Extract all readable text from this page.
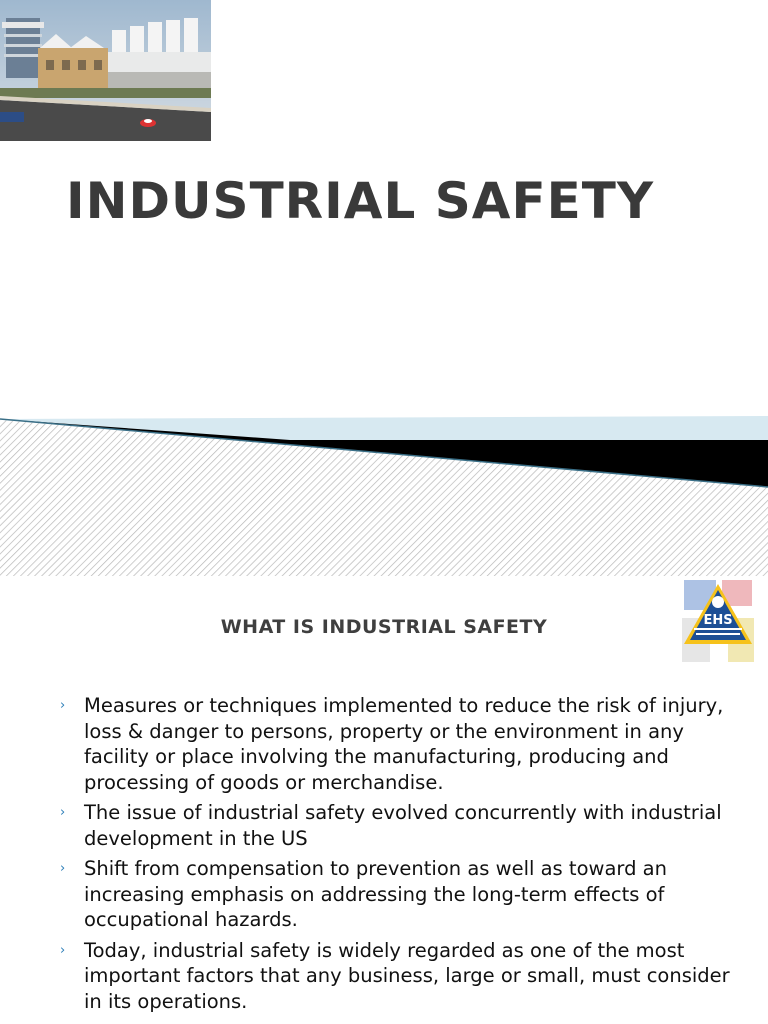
INDUSTRIAL SAFETY
WHAT IS INDUSTRIAL SAFETY	EHS
› Measures or techniques implemented to reduce the risk of injury, loss & danger to persons, property or the environment in any facility or place involving the manufacturing, producing and processing of goods or merchandise.
› The issue of industrial safety evolved concurrently with industrial development in the US
› Shift from compensation to prevention as well as toward an increasing emphasis on addressing the long-term effects of occupational hazards.
› Today, industrial safety is widely regarded as one of the most important factors that any business, large or small, must consider in its operations.
